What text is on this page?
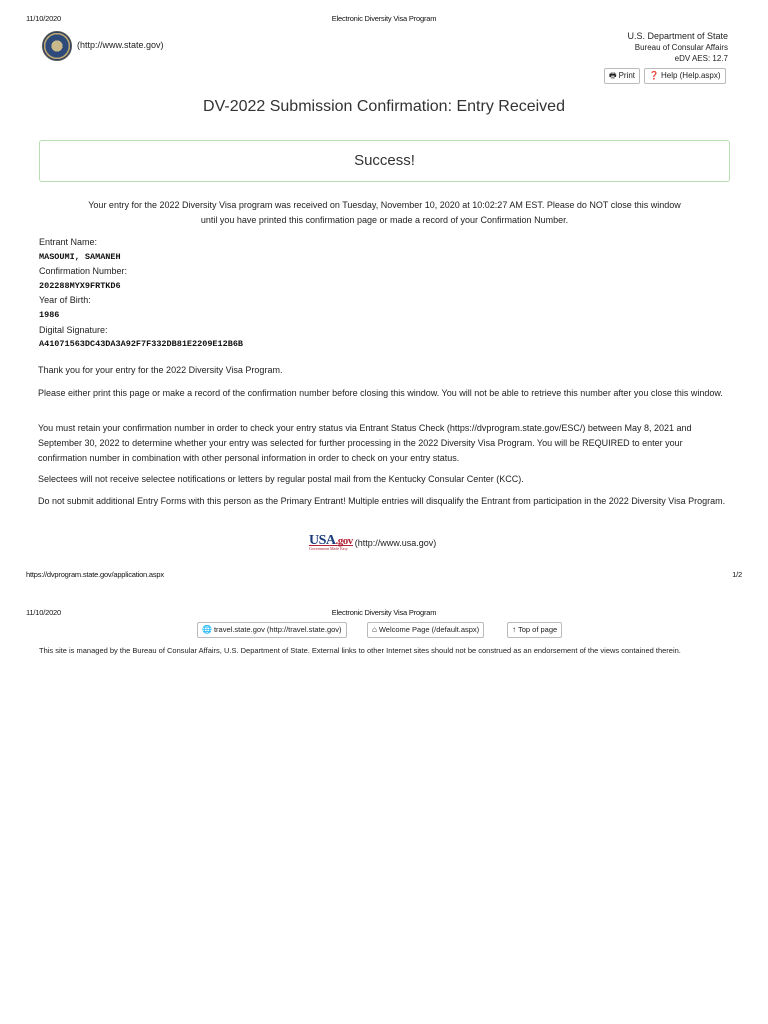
11/10/2020	Electronic Diversity Visa Program
(http://www.state.gov)
U.S. Department of State
Bureau of Consular Affairs
eDV AES: 12.7
🖶 Print	❓ Help (Help.aspx)
DV-2022 Submission Confirmation: Entry Received
Success!
Your entry for the 2022 Diversity Visa program was received on Tuesday, November 10, 2020 at 10:02:27 AM EST. Please do NOT close this window
until you have printed this confirmation page or made a record of your Confirmation Number.
Entrant Name:
MASOUMI, SAMANEH
Confirmation Number:
202288MYX9FRTKD6
Year of Birth:
1986
Digital Signature:
A41071563DC43DA3A92F7F332DB81E2209E12B6B

Thank you for your entry for the 2022 Diversity Visa Program.

Please either print this page or make a record of the confirmation number before closing this window. You will not be able to retrieve this number after you close this window.

You must retain your confirmation number in order to check your entry status via Entrant Status Check (https://dvprogram.state.gov/ESC/) between May 8, 2021 and September 30, 2022 to determine whether your entry was selected for further processing in the 2022 Diversity Visa Program. You will be REQUIRED to enter your confirmation number in combination with other personal information in order to check on your entry status.

Selectees will not receive selectee notifications or letters by regular postal mail from the Kentucky Consular Center (KCC).

Do not submit additional Entry Forms with this person as the Primary Entrant! Multiple entries will disqualify the Entrant from participation in the 2022 Diversity Visa Program.

USA.gov
Government Made Easy
$^{(http://www.usa.gov)}$
https://dvprogram.state.gov/application.aspx	1/2
11/10/2020	Electronic Diversity Visa Program
🌐 travel.state.gov (http://travel.state.gov)	⌂ Welcome Page (/default.aspx)	↑ Top of page

This site is managed by the Bureau of Consular Affairs, U.S. Department of State. External links to other Internet sites should not be construed as an endorsement of the views contained therein.
